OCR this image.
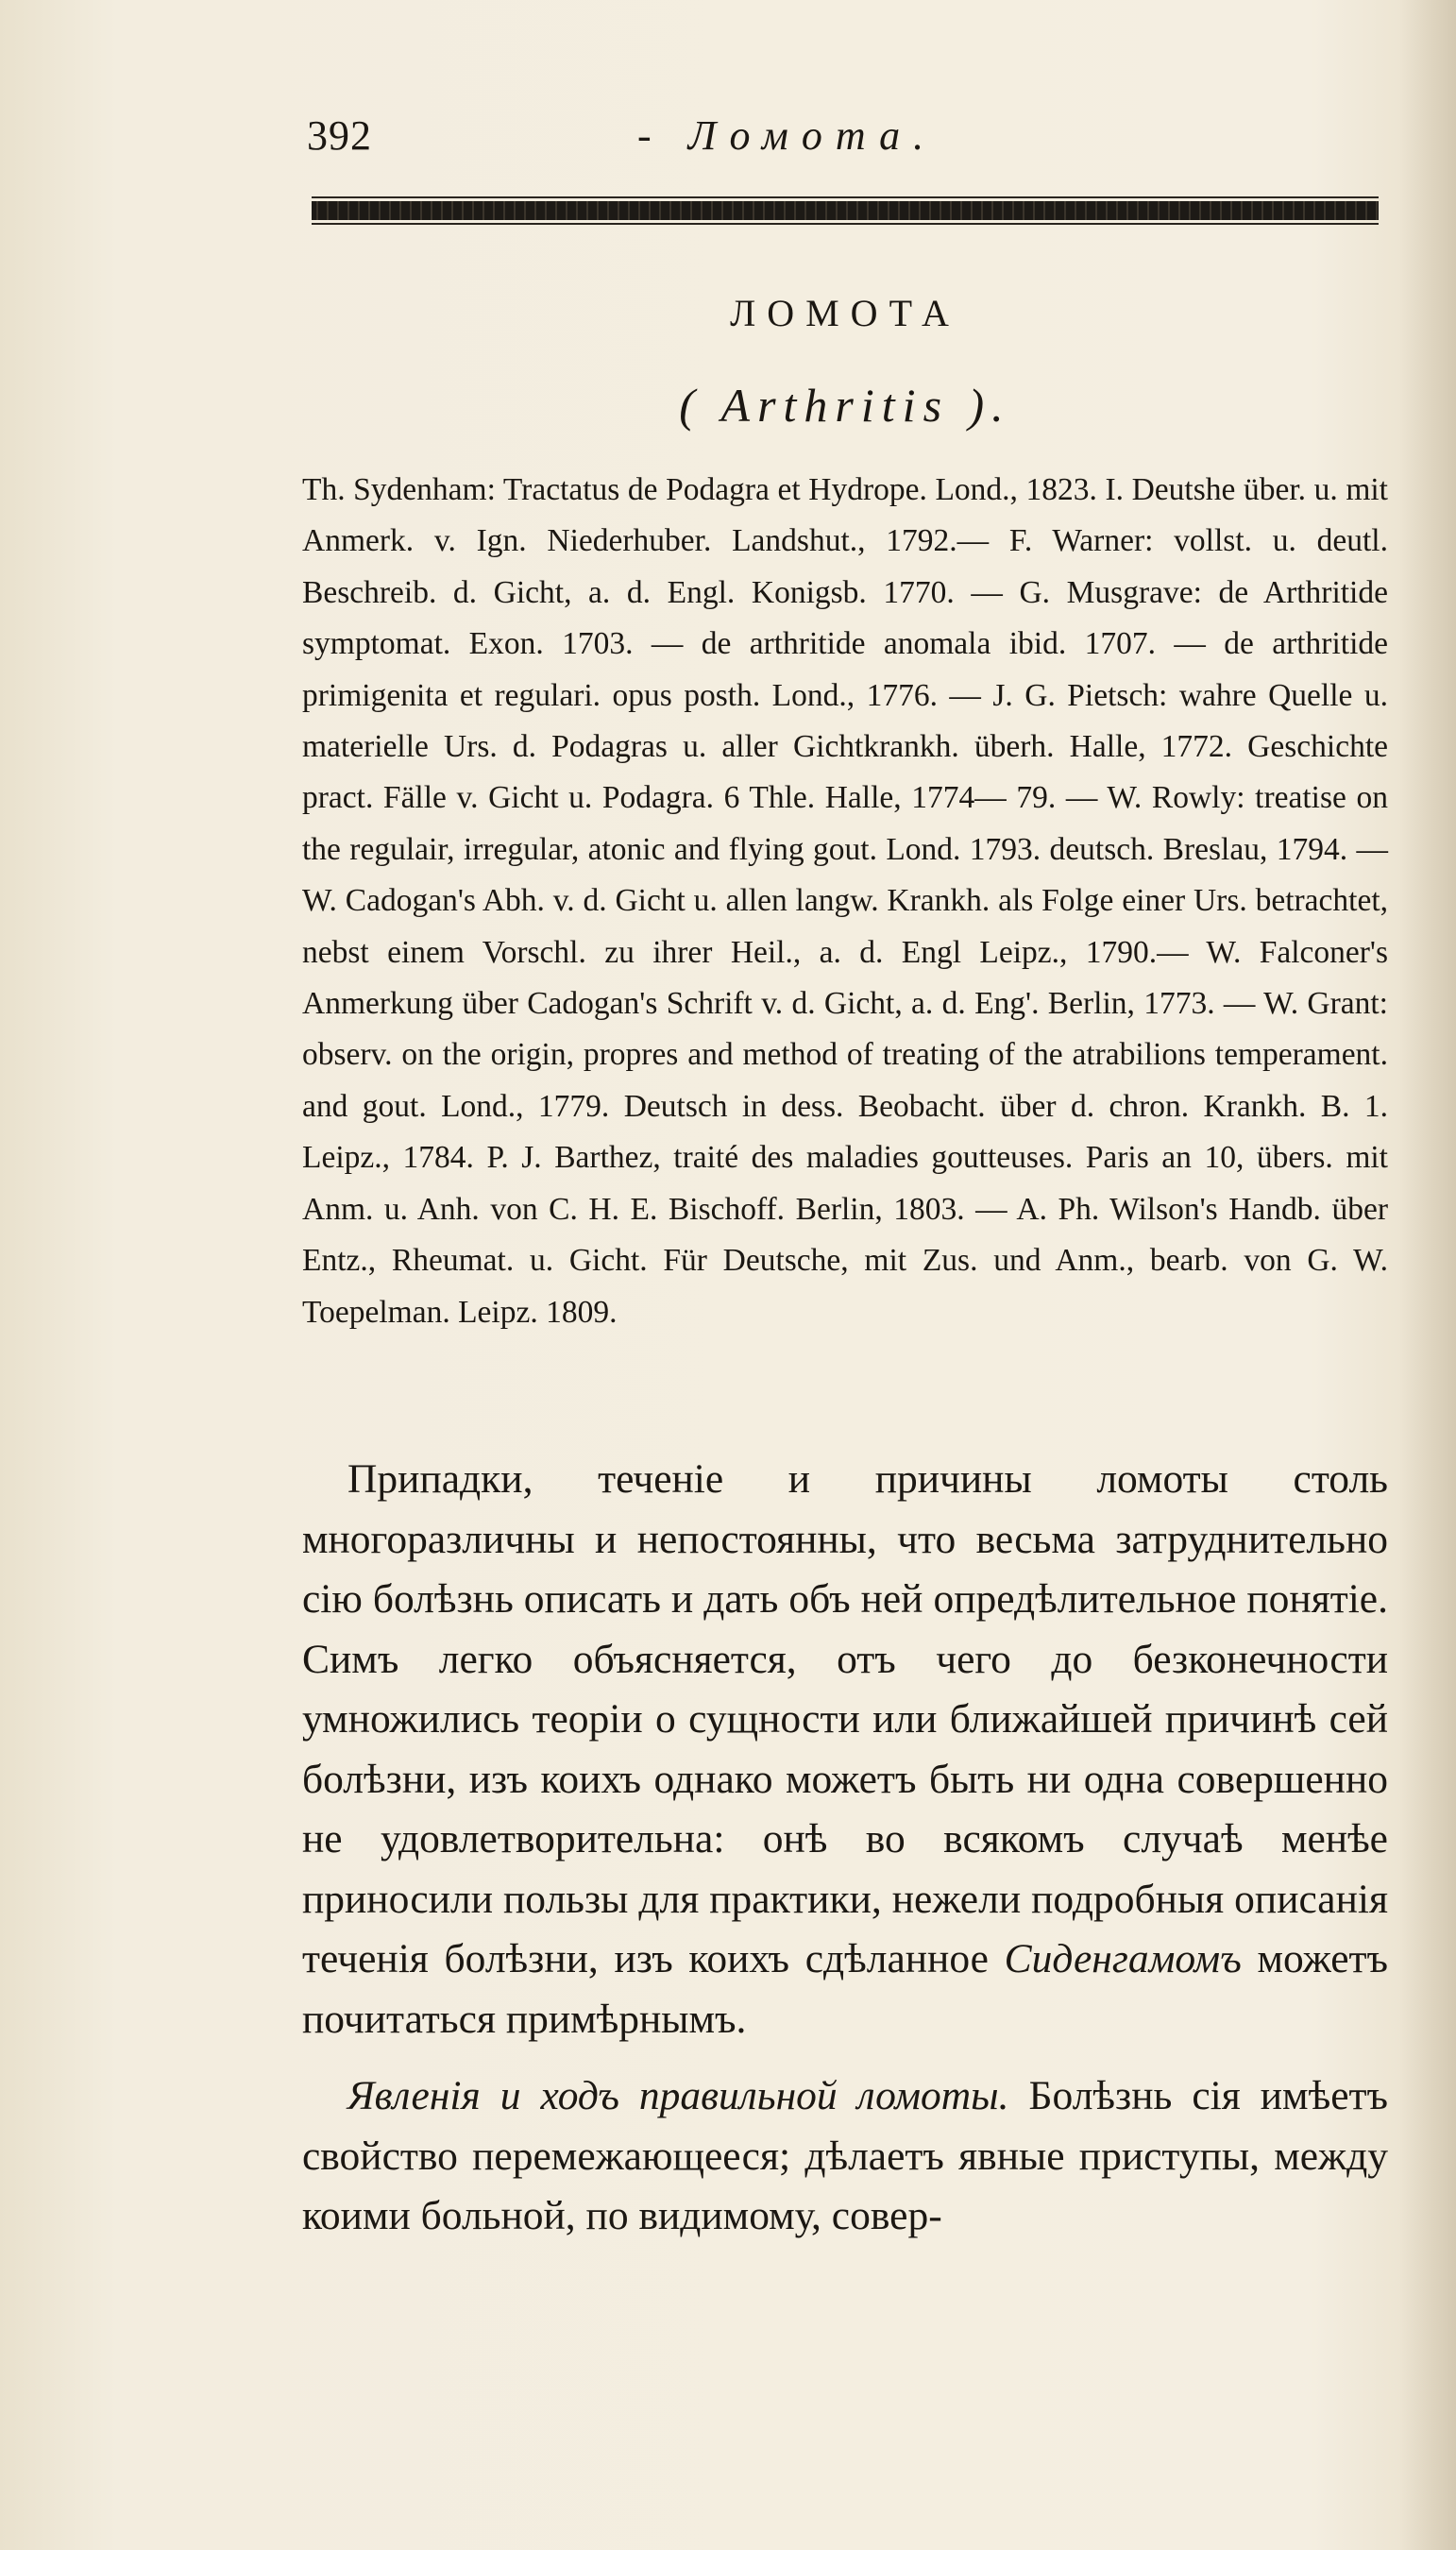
392	- Ломота.
ЛОМОТА
( Arthritis ).
Th. Sydenham: Tractatus de Podagra et Hydrope. Lond., 1823. I. Deutshe über. u. mit Anmerk. v. Ign. Niederhuber. Landshut., 1792.— F. Warner: vollst. u. deutl. Beschreib. d. Gicht, a. d. Engl. Konigsb. 1770. — G. Musgrave: de Arthritide symptomat. Exon. 1703. — de arthritide anomala ibid. 1707. — de arthritide primigenita et regulari. opus posth. Lond., 1776. — J. G. Pietsch: wahre Quelle u. materielle Urs. d. Podagras u. aller Gichtkrankh. überh. Halle, 1772. Geschichte pract. Fälle v. Gicht u. Podagra. 6 Thle. Halle, 1774— 79. — W. Rowly: treatise on the regulair, irregular, atonic and flying gout. Lond. 1793. deutsch. Breslau, 1794. — W. Cadogan's Abh. v. d. Gicht u. allen langw. Krankh. als Folge einer Urs. betrachtet, nebst einem Vorschl. zu ihrer Heil., a. d. Engl Leipz., 1790.— W. Falconer's Anmerkung über Cadogan's Schrift v. d. Gicht, a. d. Eng'. Berlin, 1773. — W. Grant: observ. on the origin, propres and method of treating of the atrabilions temperament. and gout. Lond., 1779. Deutsch in dess. Beobacht. über d. chron. Krankh. B. 1. Leipz., 1784. P. J. Barthez, traité des maladies goutteuses. Paris an 10, übers. mit Anm. u. Anh. von C. H. E. Bischoff. Berlin, 1803. — A. Ph. Wilson's Handb. über Entz., Rheumat. u. Gicht. Für Deutsche, mit Zus. und Anm., bearb. von G. W. Toepelman. Leipz. 1809.

Припадки, теченіе и причины ломоты столь многоразличны и непостоянны, что весьма затруднительно сію болѣзнь описать и дать объ ней опредѣлительное понятіе. Симъ легко объясняется, отъ чего до безконечности умножились теоріи о сущности или ближайшей причинѣ сей болѣзни, изъ коихъ однако можетъ быть ни одна совершенно не удовлетворительна: онѣ во всякомъ случаѣ менѣе приносили пользы для практики, нежели подробныя описанія теченія болѣзни, изъ коихъ сдѣланное Сиденгамомъ можетъ почитаться примѣрнымъ.

Явленія и ходъ правильной ломоты. Болѣзнь сія имѣетъ свойство перемежающееся; дѣлаетъ явные приступы, между коими больной, по видимому, совер-
